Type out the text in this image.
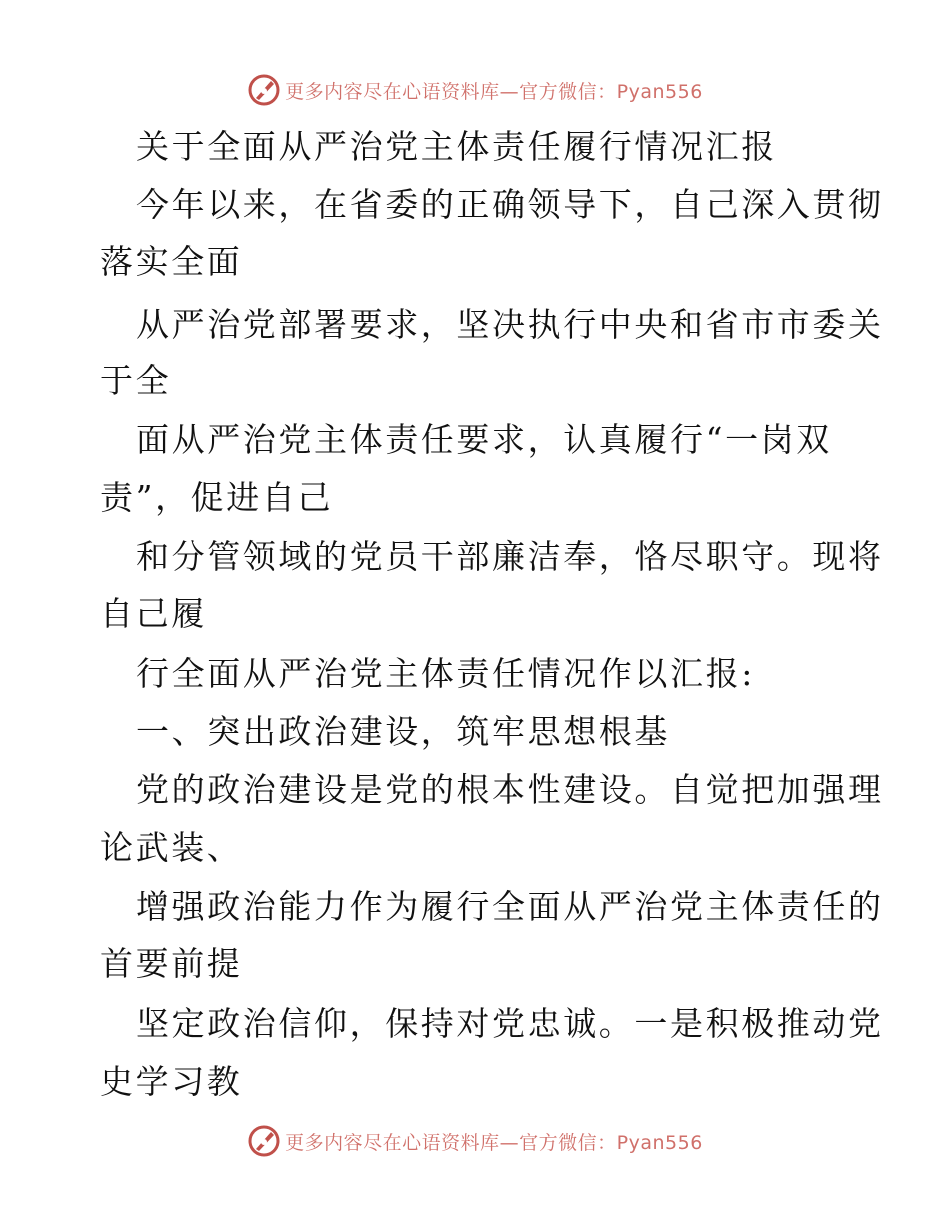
更多内容尽在心语资料库—官方微信：Pyan556
关于全面从严治党主体责任履行情况汇报
今年以来，在省委的正确领导下，自己深入贯彻
落实全面
从严治党部署要求，坚决执行中央和省市市委关
于全
面从严治党主体责任要求，认真履行“一岗双
责”，促进自己
和分管领域的党员干部廉洁奉，恪尽职守。现将
自己履
行全面从严治党主体责任情况作以汇报:
一、突出政治建设，筑牢思想根基
党的政治建设是党的根本性建设。自觉把加强理
论武装、
增强政治能力作为履行全面从严治党主体责任的
首要前提
坚定政治信仰，保持对党忠诚。一是积极推动党
史学习教
更多内容尽在心语资料库—官方微信：Pyan556
